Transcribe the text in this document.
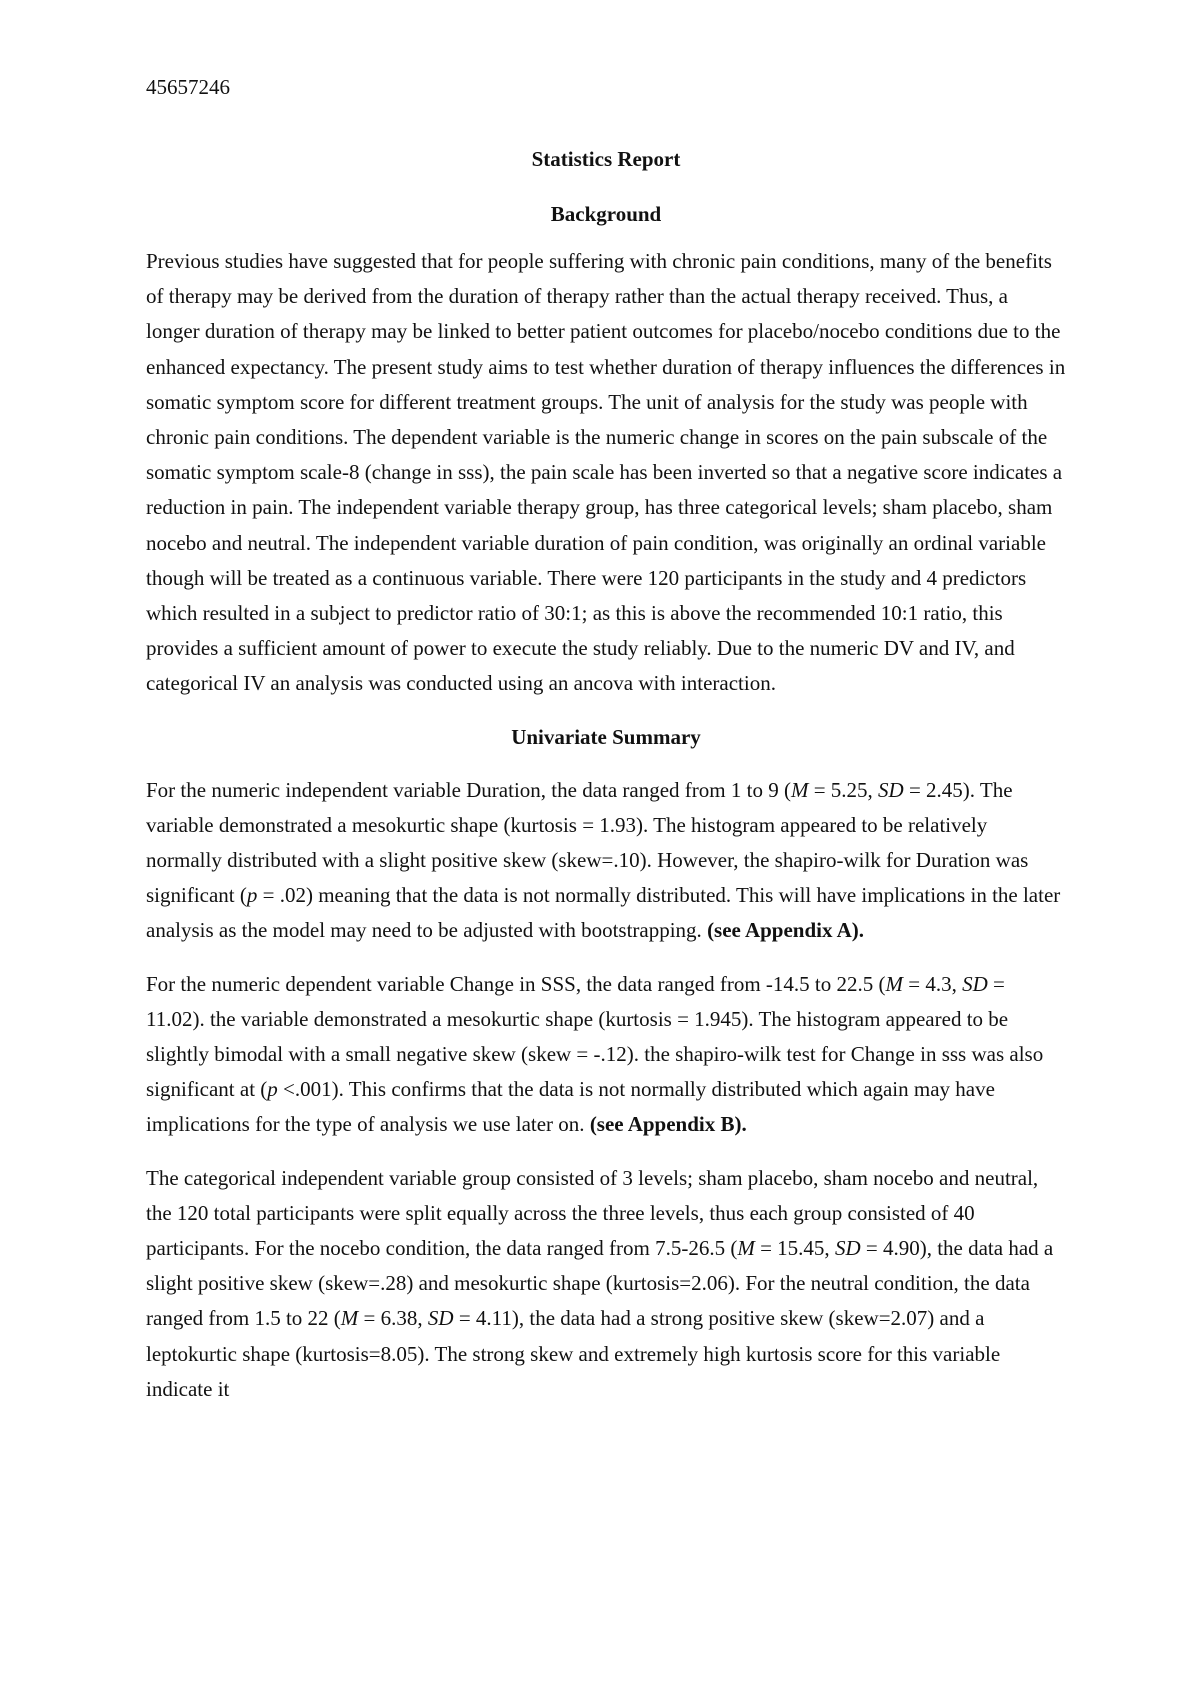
45657246
Statistics Report
Background

Previous studies have suggested that for people suffering with chronic pain conditions, many of the benefits of therapy may be derived from the duration of therapy rather than the actual therapy received. Thus, a longer duration of therapy may be linked to better patient outcomes for placebo/nocebo conditions due to the enhanced expectancy. The present study aims to test whether duration of therapy influences the differences in somatic symptom score for different treatment groups. The unit of analysis for the study was people with chronic pain conditions. The dependent variable is the numeric change in scores on the pain subscale of the somatic symptom scale-8 (change in sss), the pain scale has been inverted so that a negative score indicates a reduction in pain. The independent variable therapy group, has three categorical levels; sham placebo, sham nocebo and neutral. The independent variable duration of pain condition, was originally an ordinal variable though will be treated as a continuous variable. There were 120 participants in the study and 4 predictors which resulted in a subject to predictor ratio of 30:1; as this is above the recommended 10:1 ratio, this provides a sufficient amount of power to execute the study reliably. Due to the numeric DV and IV, and categorical IV an analysis was conducted using an ancova with interaction.

Univariate Summary

For the numeric independent variable Duration, the data ranged from 1 to 9 (M = 5.25, SD = 2.45). The variable demonstrated a mesokurtic shape (kurtosis = 1.93). The histogram appeared to be relatively normally distributed with a slight positive skew (skew=.10). However, the shapiro-wilk for Duration was significant (p = .02) meaning that the data is not normally distributed. This will have implications in the later analysis as the model may need to be adjusted with bootstrapping. (see Appendix A).

For the numeric dependent variable Change in SSS, the data ranged from -14.5 to 22.5 (M = 4.3, SD = 11.02). the variable demonstrated a mesokurtic shape (kurtosis = 1.945). The histogram appeared to be slightly bimodal with a small negative skew (skew = -.12). the shapiro-wilk test for Change in sss was also significant at (p <.001). This confirms that the data is not normally distributed which again may have implications for the type of analysis we use later on. (see Appendix B).

The categorical independent variable group consisted of 3 levels; sham placebo, sham nocebo and neutral, the 120 total participants were split equally across the three levels, thus each group consisted of 40 participants. For the nocebo condition, the data ranged from 7.5-26.5 (M = 15.45, SD = 4.90), the data had a slight positive skew (skew=.28) and mesokurtic shape (kurtosis=2.06). For the neutral condition, the data ranged from 1.5 to 22 (M = 6.38, SD = 4.11), the data had a strong positive skew (skew=2.07) and a leptokurtic shape (kurtosis=8.05). The strong skew and extremely high kurtosis score for this variable indicate it
